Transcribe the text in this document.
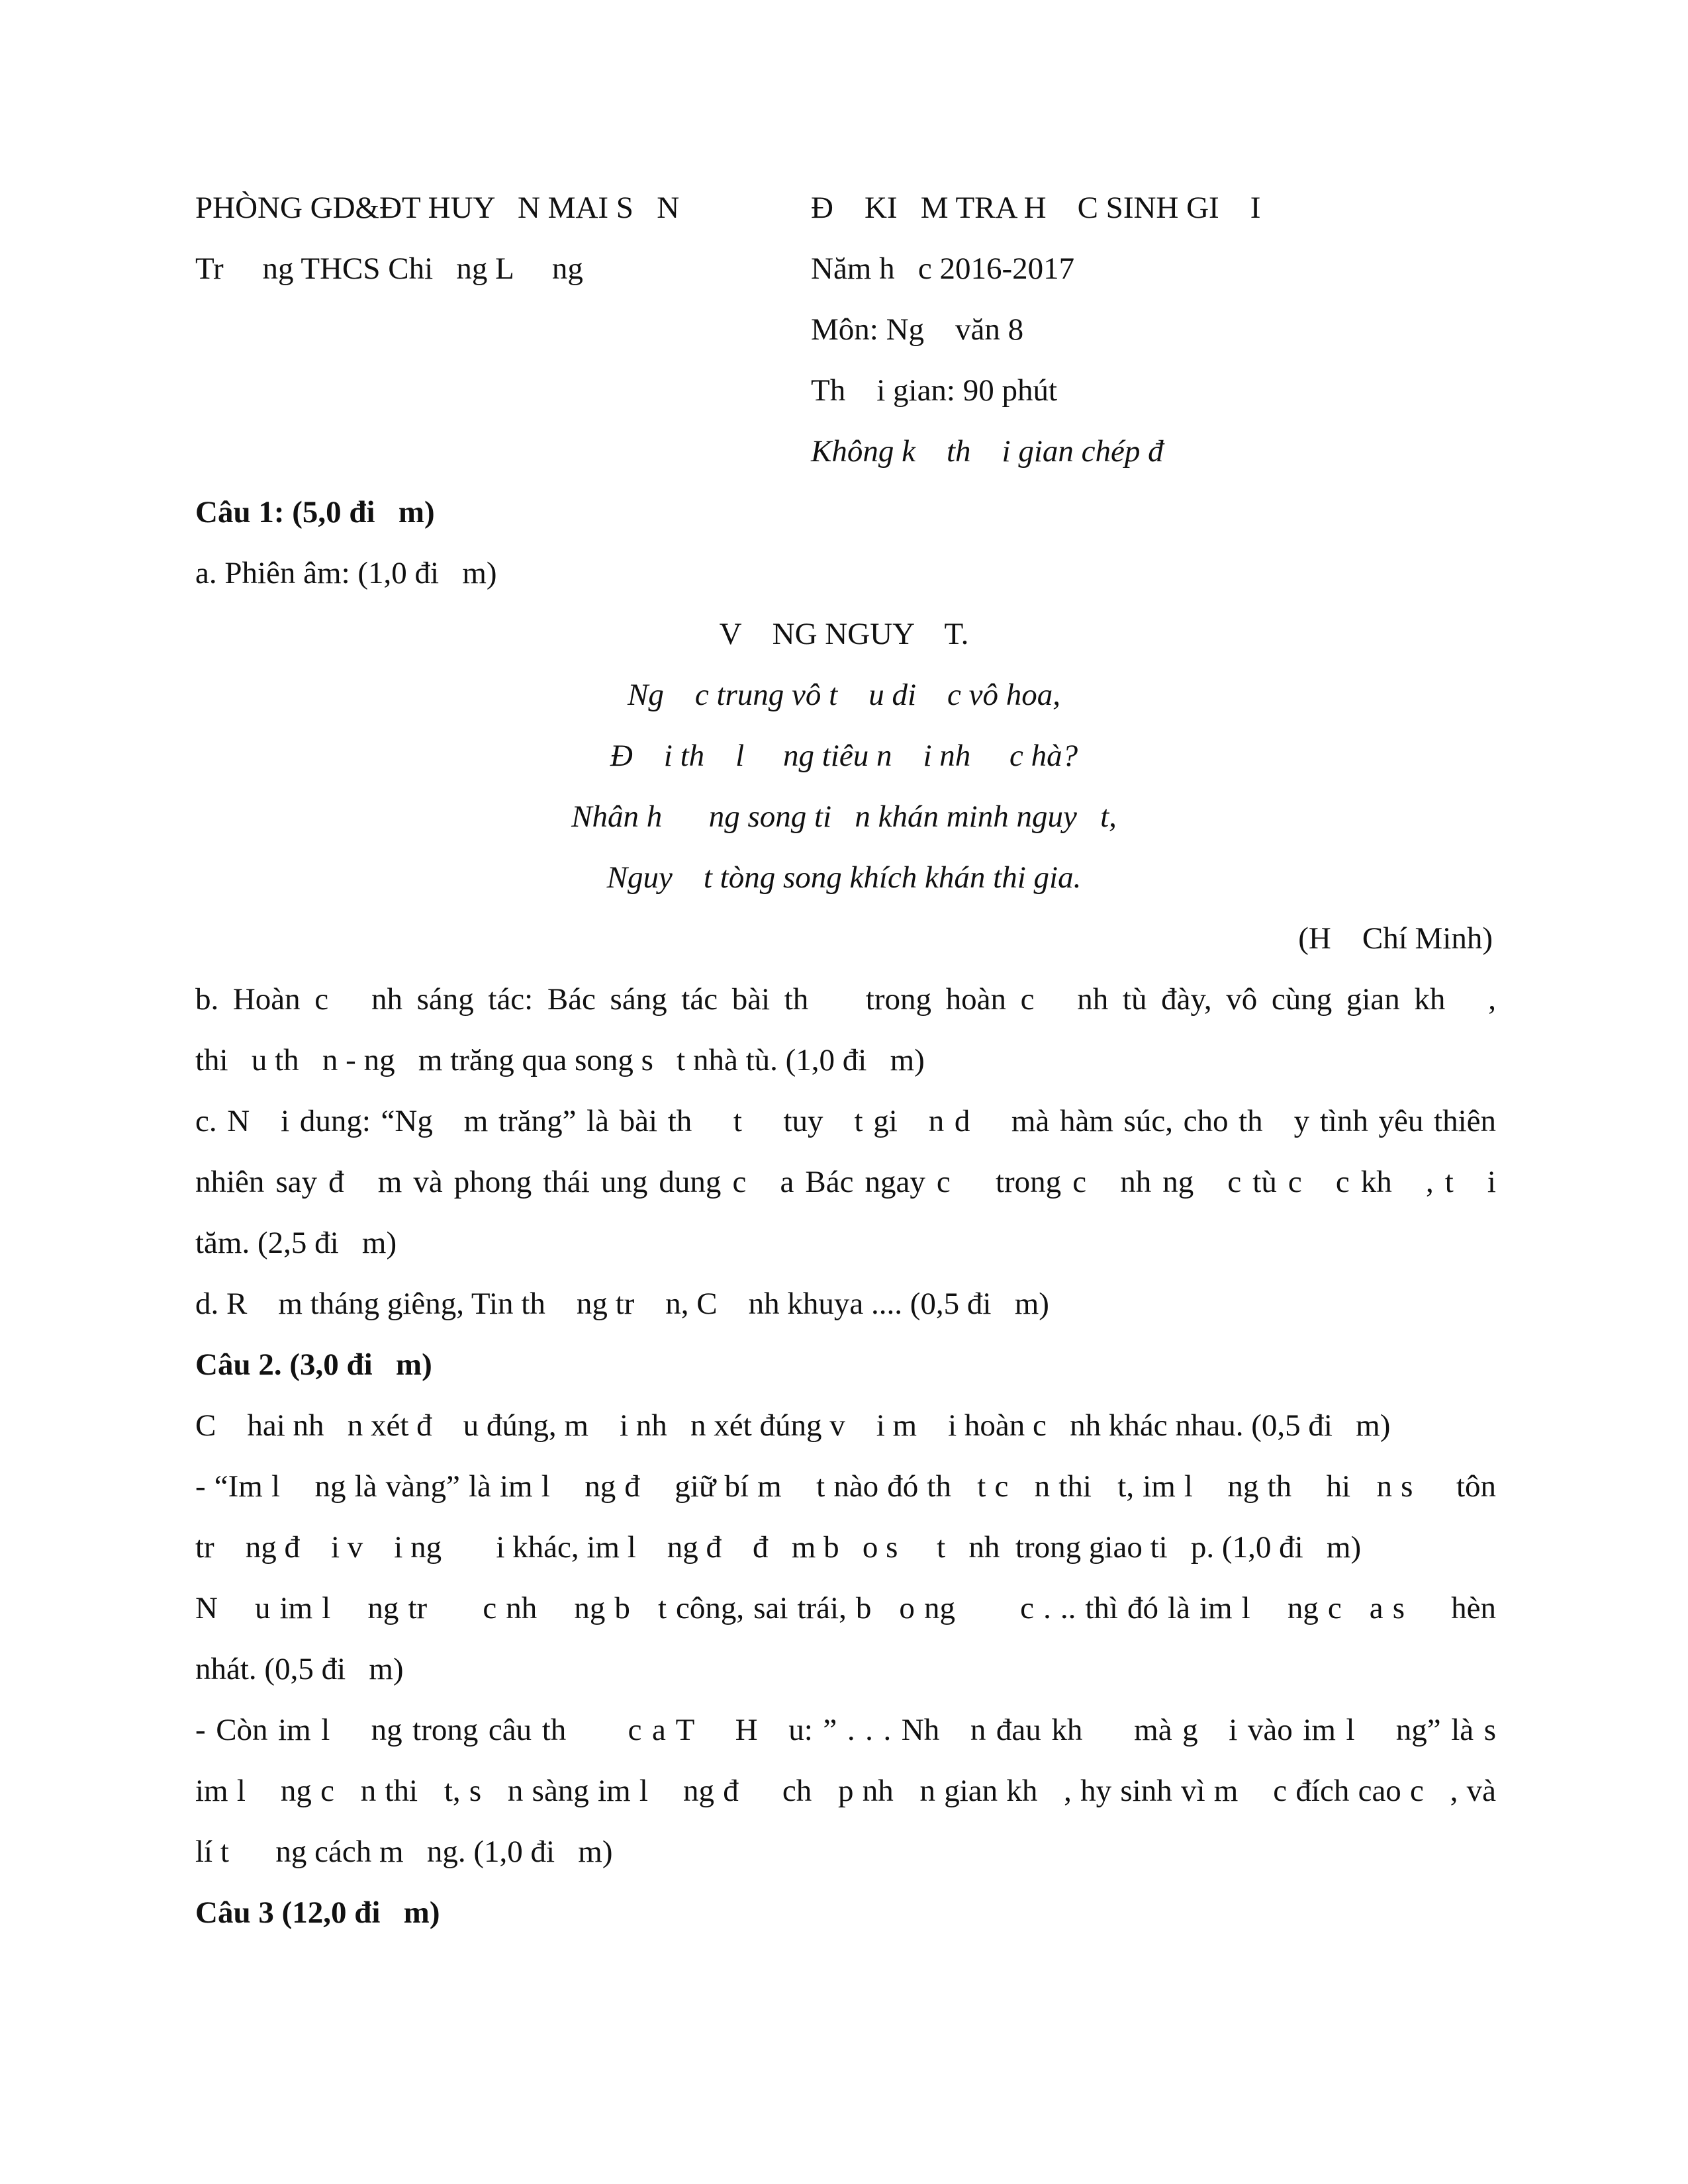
PHÒNG GD&ĐT HUY   N MAI S   N	Đ    KI   M TRA H    C SINH GI    I
Tr     ng THCS Chi   ng L     ng	Năm h   c 2016-2017
Môn: Ng    văn 8
Th    i gian: 90 phút
Không k    th    i gian chép đ
Câu 1: (5,0 đi   m)
a. Phiên âm: (1,0 đi   m)
V    NG NGUY    T.
Ng    c trung vô t    u di    c vô hoa,
Đ    i th    l     ng tiêu n    i nh     c hà?
Nhân h      ng song ti   n khán minh nguy   t,
Nguy    t tòng song khích khán thi gia.
(H    Chí Minh)
b. Hoàn c   nh sáng tác: Bác sáng tác bài th    trong hoàn c   nh tù đày, vô cùng gian kh   ,
thi   u th   n - ng   m trăng qua song s   t nhà tù. (1,0 đi   m)
c. N   i dung: “Ng   m trăng” là bài th    t    tuy   t gi   n d    mà hàm súc, cho th   y tình yêu thiên
nhiên say đ   m và phong thái ung dung c   a Bác ngay c    trong c   nh ng   c tù c   c kh   , t   i
tăm. (2,5 đi   m)
d. R    m tháng giêng, Tin th    ng tr    n, C    nh khuya .... (0,5 đi   m)
Câu 2. (3,0 đi   m)
C    hai nh   n xét đ    u đúng, m    i nh   n xét đúng v    i m    i hoàn c   nh khác nhau. (0,5 đi   m)
- “Im l    ng là vàng” là im l    ng đ    giữ bí m    t nào đó th   t c   n thi   t, im l    ng th    hi   n s     tôn
tr    ng đ    i v    i ng       i khác, im l    ng đ    đ   m b   o s     t   nh  trong giao ti   p. (1,0 đi   m)
N    u im l    ng tr      c nh    ng b   t công, sai trái, b   o ng       c . .. thì đó là im l    ng c   a s     hèn
nhát. (0,5 đi   m)
- Còn im l    ng trong câu th      c a T    H   u: ” . . . Nh   n đau kh     mà g   i vào im l    ng” là s
im l    ng c   n thi   t, s   n sàng im l    ng đ     ch   p nh   n gian kh   , hy sinh vì m    c đích cao c   , và
lí t      ng cách m   ng. (1,0 đi   m)
Câu 3 (12,0 đi   m)
